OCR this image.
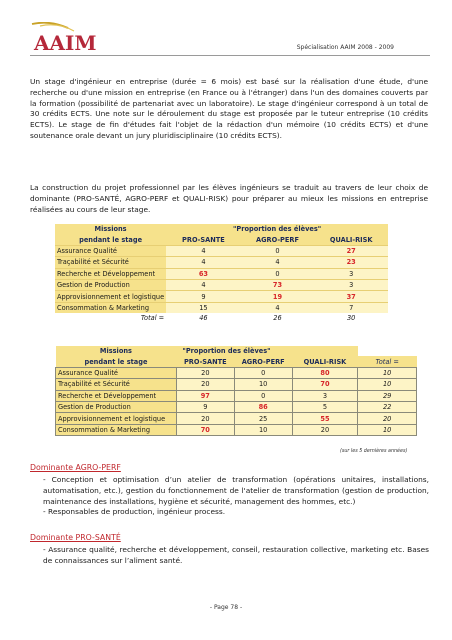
AAIM	Spécialisation AAIM 2008 - 2009

Un stage d'ingénieur en entreprise (durée = 6 mois) est basé sur la réalisation d'une étude, d'une recherche ou d'une mission en entreprise (en France ou à l'étranger) dans l'un des domaines couverts par la formation (possibilité de partenariat avec un laboratoire). Le stage d'ingénieur correspond à un total de 30 crédits ECTS. Une note sur le déroulement du stage est proposée par le tuteur entreprise (10 crédits ECTS). Le stage de fin d'études fait l'objet de la rédaction d'un mémoire (10 crédits ECTS) et d'une soutenance orale devant un jury pluridisciplinaire (10 crédits ECTS).

La construction du projet professionnel par les élèves ingénieurs se traduit au travers de leur choix de dominante (PRO-SANTÉ, AGRO-PERF et QUALI-RISK) pour préparer au mieux les missions en entreprise réalisées au cours de leur stage.

Missions	"Proportion des élèves"		
pendant le stage	PRO-SANTE	AGRO-PERF	QUALI-RISK
Assurance Qualité	4	0	27
Traçabilité et Sécurité	4	4	23
Recherche et Développement	63	0	3
Gestion de Production	4	73	3
Approvisionnement et logistique	9	19	37
Consommation & Marketing	15	4	7
Total =	46	26	30
Missions	"Proportion des élèves"			
pendant le stage	PRO-SANTE	AGRO-PERF	QUALI-RISK	Total =
Assurance Qualité	20	0	80	10
Traçabilité et Sécurité	20	10	70	10
Recherche et Développement	97	0	3	29
Gestion de Production	9	86	5	22
Approvisionnement et logistique	20	25	55	20
Consommation & Marketing	70	10	20	10
(sur les 5 dernières années)
Dominante AGRO-PERF
- Conception et optimisation d’un atelier de transformation (opérations unitaires, installations, automatisation, etc.), gestion du fonctionnement de l'atelier de transformation (gestion de production, maintenance des installations, hygiène et sécurité, management des hommes, etc.)
- Responsables de production, ingénieur process.
Dominante PRO-SANTÉ
- Assurance qualité, recherche et développement, conseil, restauration collective, marketing etc. Bases de connaissances sur l’aliment santé.
- Page 78 -
